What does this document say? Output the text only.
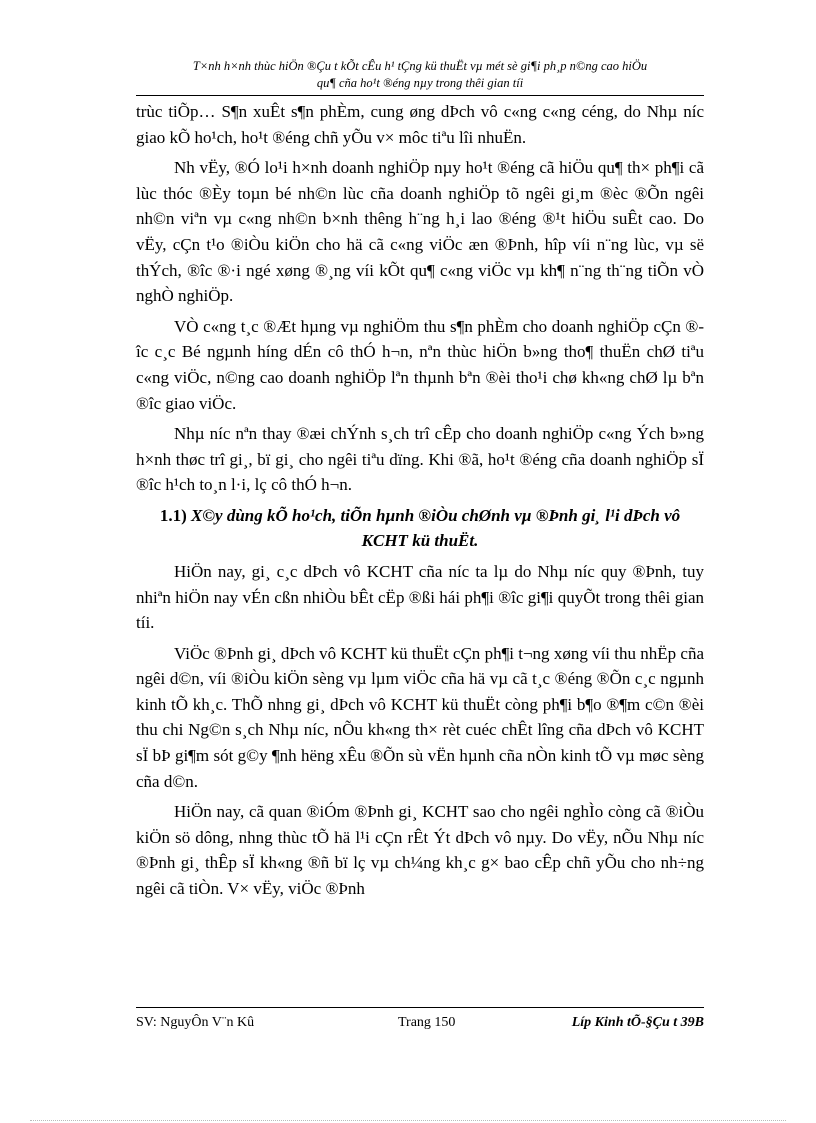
T×nh h×nh thùc hiÖn ®Çu t kÕt cÊu h¹ tÇng kü thuËt vµ mét sè gi¶i ph¸p n©ng cao hiÖu
qu¶ cña ho¹t ®éng nµy trong thêi gian tíi

trùc tiÕp… S¶n xuÊt s¶n phÈm, cung øng dÞch vô c«ng c«ng céng, do Nhµ níc giao kÕ ho¹ch, ho¹t ®éng chñ yÕu v× môc tiªu lîi nhuËn.

Nh vËy, ®Ó lo¹i h×nh doanh nghiÖp nµy ho¹t ®éng cã hiÖu qu¶ th× ph¶i cã lùc thóc ®Èy toµn bé nh©n lùc cña doanh nghiÖp tõ ngêi gi¸m ®èc ®Õn ngêi nh©n viªn vµ c«ng nh©n b×nh thêng h¨ng h¸i lao ®éng ®¹t hiÖu suÊt cao. Do vËy, cÇn t¹o ®iÒu kiÖn cho hä cã c«ng viÖc æn ®Þnh, hîp víi n¨ng lùc, vµ së thÝch, ®îc ®·i ngé xøng ®¸ng víi kÕt qu¶ c«ng viÖc vµ kh¶ n¨ng th¨ng tiÕn vÒ nghÒ nghiÖp.

VÒ c«ng t¸c ®Æt hµng vµ nghiÖm thu s¶n phÈm cho doanh nghiÖp cÇn ®îc c¸c Bé ngµnh híng dÉn cô thÓ h¬n, nªn thùc hiÖn b»ng tho¶ thuËn chØ tiªu c«ng viÖc, n©ng cao doanh nghiÖp lªn thµnh bªn ®èi tho¹i chø kh«ng chØ lµ bªn ®îc giao viÖc.

Nhµ níc nªn thay ®æi chÝnh s¸ch trî cÊp cho doanh nghiÖp c«ng Ých b»ng h×nh thøc trî gi¸, bï gi¸ cho ngêi tiªu dïng. Khi ®ã, ho¹t ®éng cña doanh nghiÖp sÏ ®îc h¹ch to¸n l·i, lç cô thÓ h¬n.

1.1) X©y dùng kÕ ho¹ch, tiÕn hµnh ®iÒu chØnh vµ ®Þnh gi¸ l¹i dÞch vô
KCHT kü thuËt.

HiÖn nay, gi¸ c¸c dÞch vô KCHT cña níc ta lµ do Nhµ níc quy ®Þnh, tuy nhiªn hiÖn nay vÉn cßn nhiÒu bÊt cËp ®ßi hái ph¶i ®îc gi¶i quyÕt trong thêi gian tíi.

ViÖc ®Þnh gi¸ dÞch vô KCHT kü thuËt cÇn ph¶i t¬ng xøng víi thu nhËp cña ngêi d©n, víi ®iÒu kiÖn sèng vµ lµm viÖc cña hä vµ cã t¸c ®éng ®Õn c¸c ngµnh kinh tÕ kh¸c. ThÕ nhng gi¸ dÞch vô KCHT kü thuËt còng ph¶i b¶o ®¶m c©n ®èi thu chi Ng©n s¸ch Nhµ níc, nÕu kh«ng th× rèt cuéc chÊt lîng cña dÞch vô KCHT sÏ bÞ gi¶m sót g©y ¶nh hëng xÊu ®Õn sù vËn hµnh cña nÒn kinh tÕ vµ møc sèng cña d©n.

HiÖn nay, cã quan ®iÓm ®Þnh gi¸ KCHT sao cho ngêi nghÌo còng cã ®iÒu kiÖn sö dông, nhng thùc tÕ hä l¹i cÇn rÊt Ýt dÞch vô nµy. Do vËy, nÕu Nhµ níc ®Þnh gi¸ thÊp sÏ kh«ng ®ñ bï lç vµ ch¼ng kh¸c g× bao cÊp chñ yÕu cho nh÷ng ngêi cã tiÒn. V× vËy, viÖc ®Þnh

SV: NguyÔn V¨n Kû	Trang 150	Líp Kinh tÕ-§Çu t 39B
